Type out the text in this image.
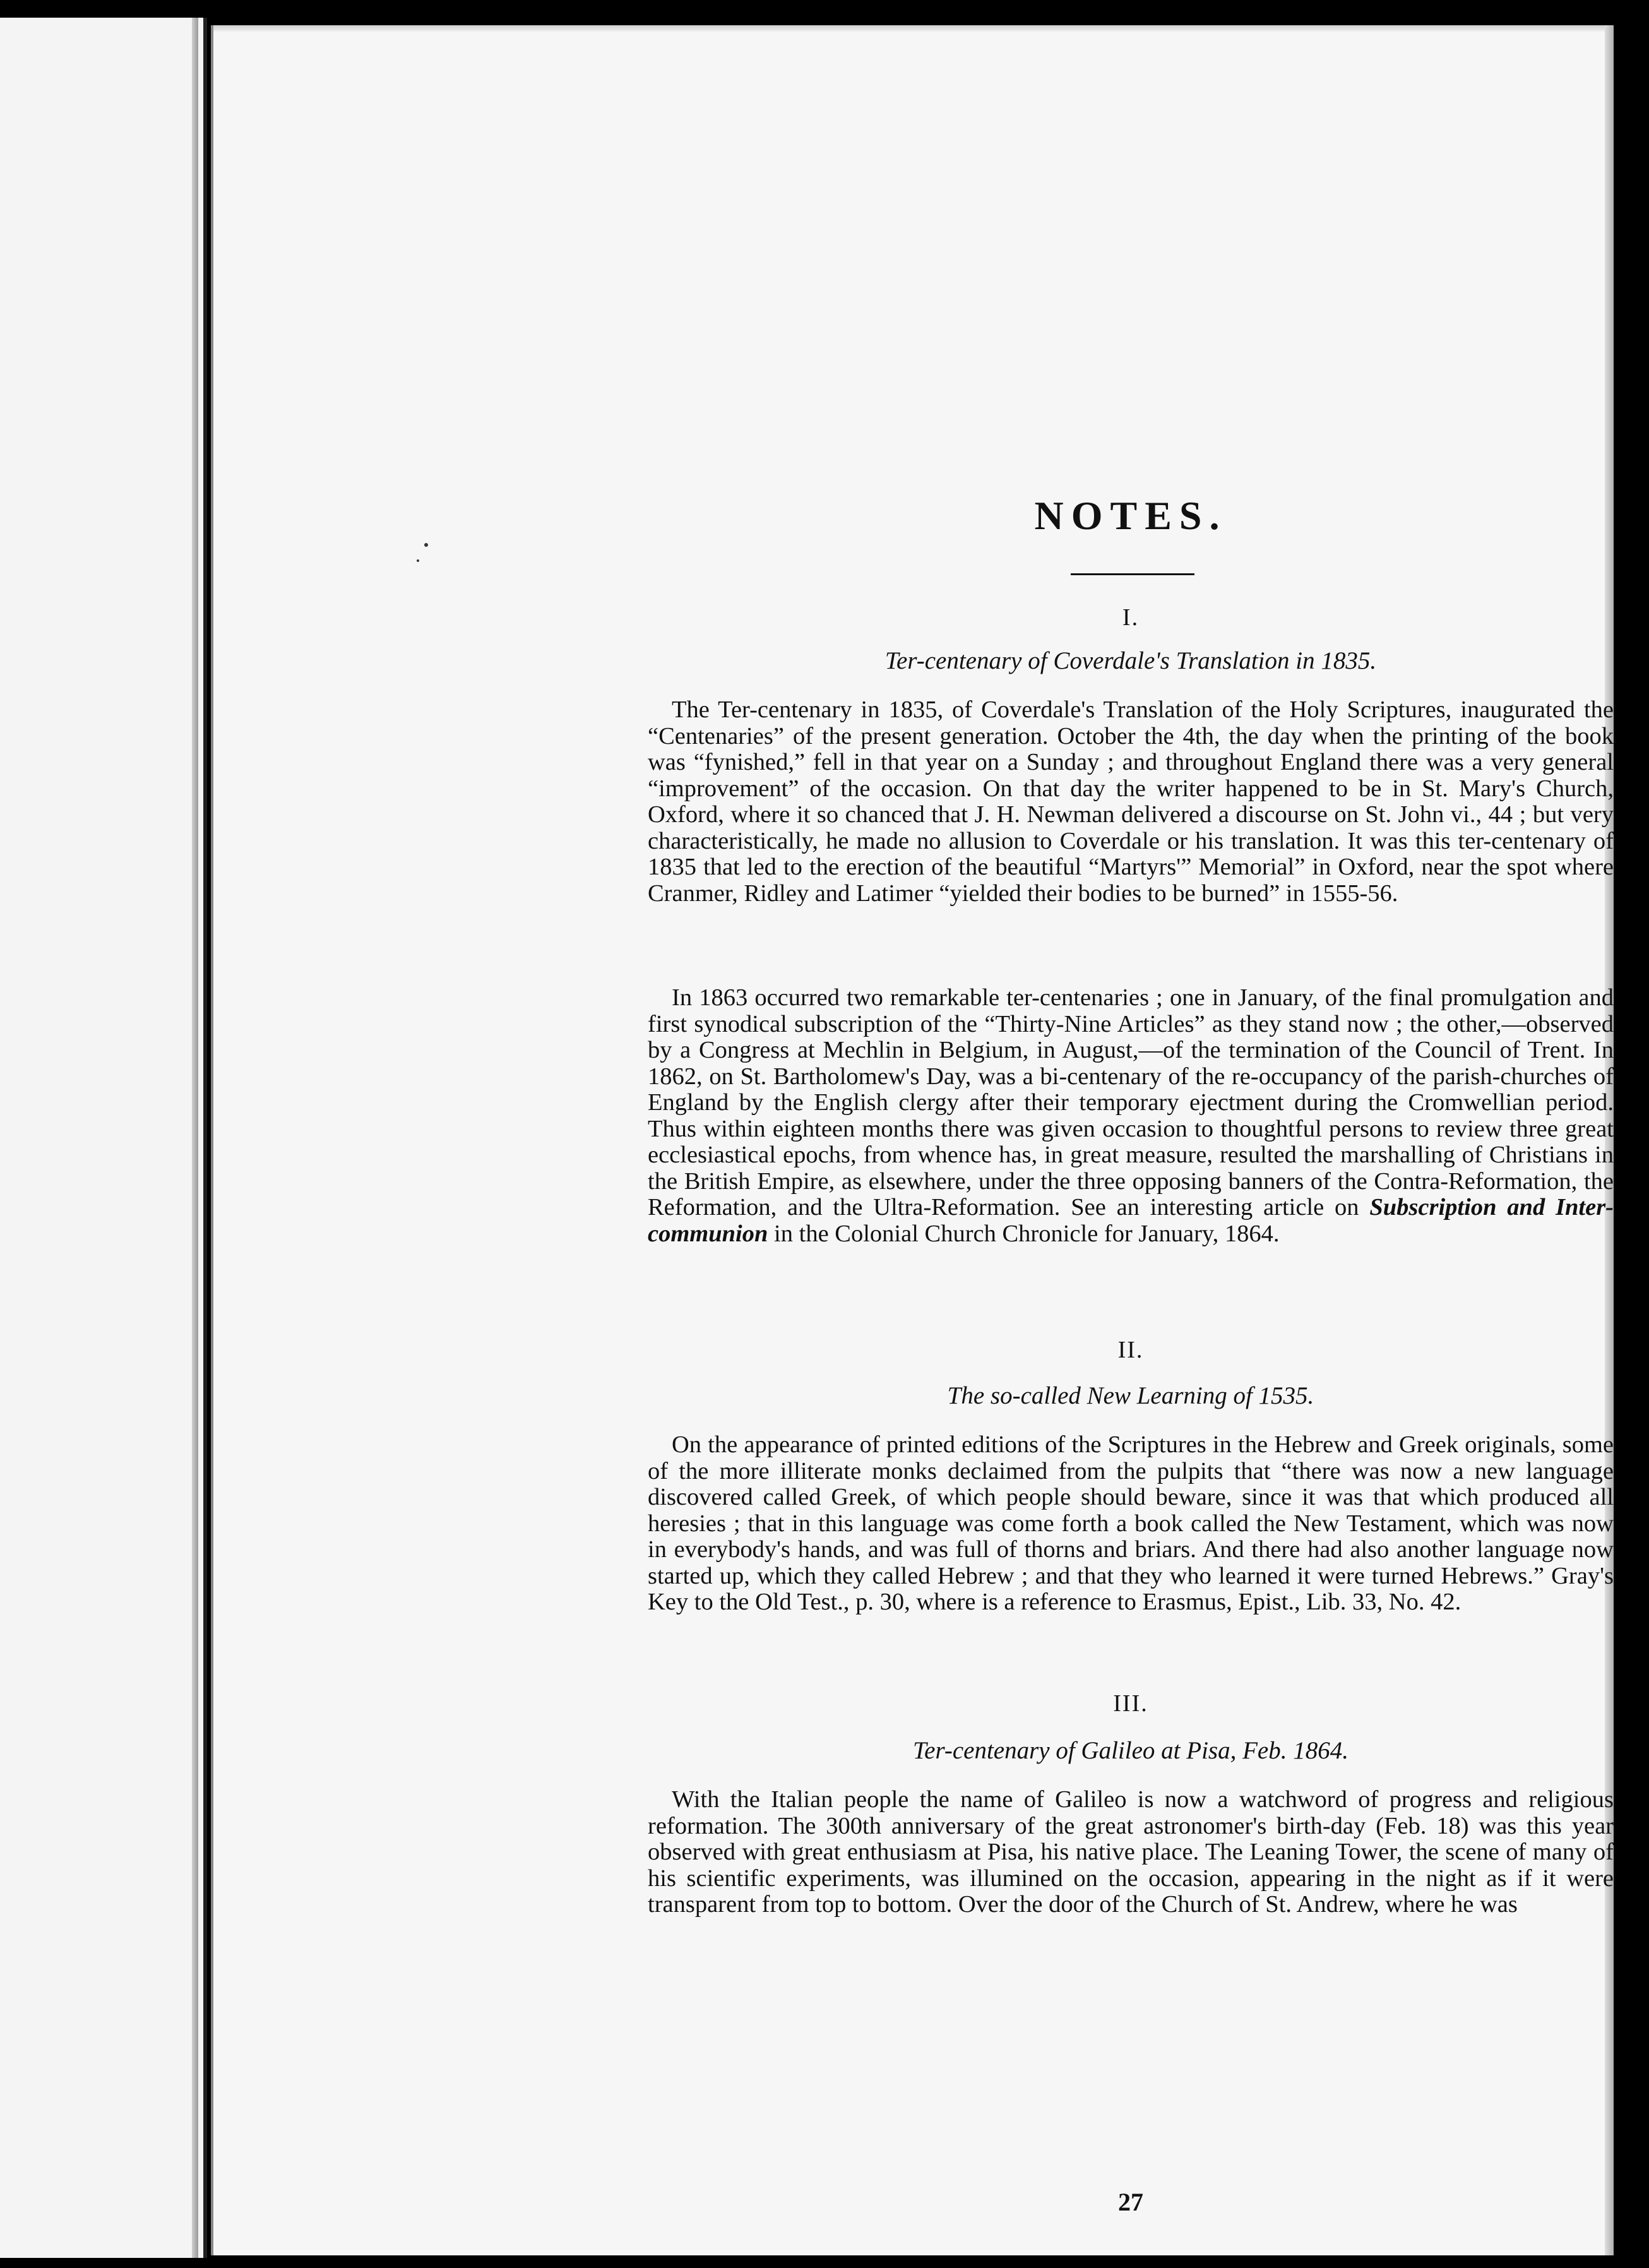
NOTES.

I.

Ter-centenary of Coverdale's Translation in 1835.

The Ter-centenary in 1835, of Coverdale's Translation of the Holy Scriptures, inaugurated the “Centenaries” of the present generation. October the 4th, the day when the printing of the book was “fynished,” fell in that year on a Sunday ; and throughout England there was a very general “improvement” of the occasion. On that day the writer happened to be in St. Mary's Church, Oxford, where it so chanced that J. H. Newman delivered a discourse on St. John vi., 44 ; but very characteristically, he made no allusion to Coverdale or his translation. It was this ter-centenary of 1835 that led to the erection of the beautiful “Martyrs'” Memorial” in Oxford, near the spot where Cranmer, Ridley and Latimer “yielded their bodies to be burned” in 1555-56.

In 1863 occurred two remarkable ter-centenaries ; one in January, of the final promulgation and first synodical subscription of the “Thirty-Nine Articles” as they stand now ; the other,—observed by a Congress at Mechlin in Belgium, in August,—of the termination of the Council of Trent. In 1862, on St. Bartholomew's Day, was a bi-centenary of the re-occupancy of the parish-churches of England by the English clergy after their temporary ejectment during the Cromwellian period. Thus within eighteen months there was given occasion to thoughtful persons to review three great ecclesiastical epochs, from whence has, in great measure, resulted the marshalling of Christians in the British Empire, as elsewhere, under the three opposing banners of the Contra-Reformation, the Reformation, and the Ultra-Reformation. See an interesting article on Subscription and Inter-communion in the Colonial Church Chronicle for January, 1864.

II.

The so-called New Learning of 1535.

On the appearance of printed editions of the Scriptures in the Hebrew and Greek originals, some of the more illiterate monks declaimed from the pulpits that “there was now a new language discovered called Greek, of which people should beware, since it was that which produced all heresies ; that in this language was come forth a book called the New Testament, which was now in everybody's hands, and was full of thorns and briars. And there had also another language now started up, which they called Hebrew ; and that they who learned it were turned Hebrews.” Gray's Key to the Old Test., p. 30, where is a reference to Erasmus, Epist., Lib. 33, No. 42.

III.

Ter-centenary of Galileo at Pisa, Feb. 1864.

With the Italian people the name of Galileo is now a watchword of progress and religious reformation. The 300th anniversary of the great astronomer's birth-day (Feb. 18) was this year observed with great enthusiasm at Pisa, his native place. The Leaning Tower, the scene of many of his scientific experiments, was illumined on the occasion, appearing in the night as if it were transparent from top to bottom. Over the door of the Church of St. Andrew, where he was

27
